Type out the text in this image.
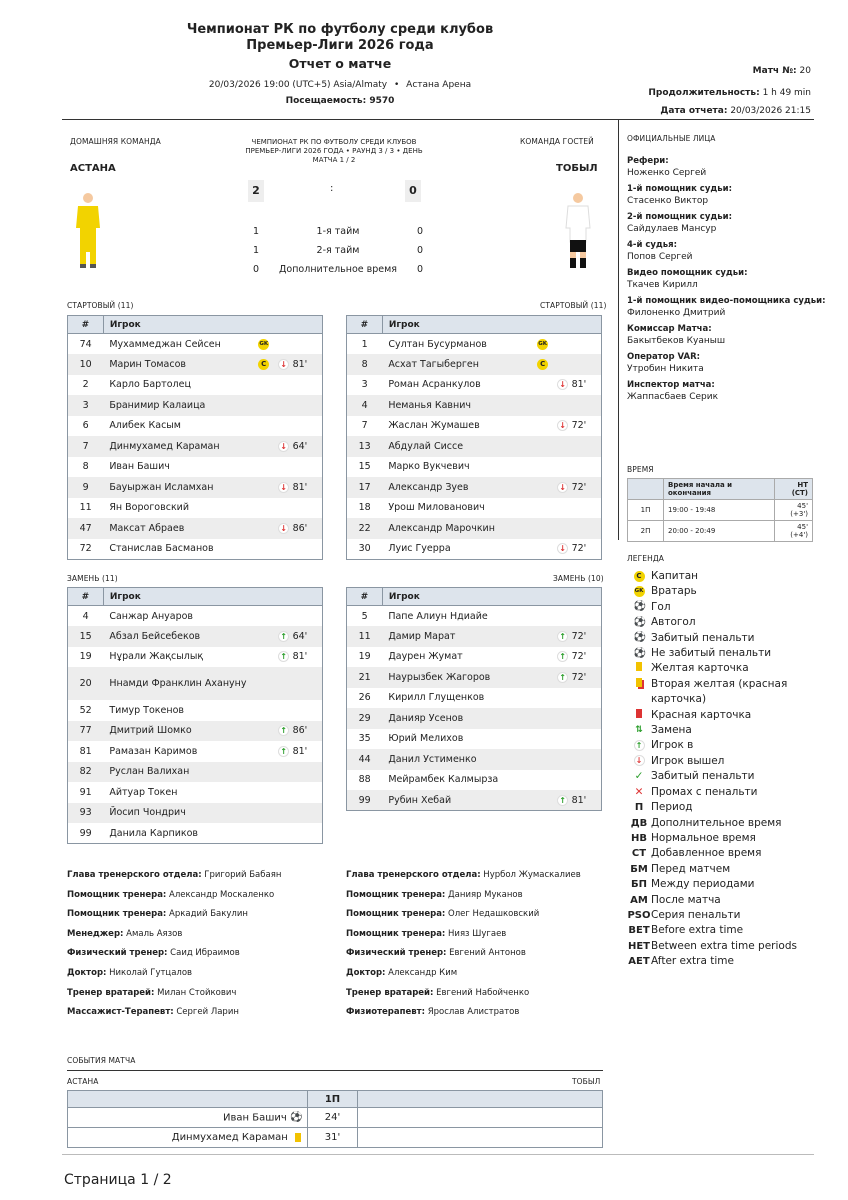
Чемпионат РК по футболу среди клубов
Премьер-Лиги 2026 года
Отчет о матче
20/03/2026 19:00 (UTC+5) Asia/Almaty • Астана Арена
Посещаемость: 9570
Матч №: 20
Продолжительность: 1 h 49 min
Дата отчета: 20/03/2026 21:15
ДОМАШНЯЯ КОМАНДА	КОМАНДА ГОСТЕЙ
ЧЕМПИОНАТ РК ПО ФУТБОЛУ СРЕДИ КЛУБОВ ПРЕМЬЕР-ЛИГИ 2026 ГОДА • РАУНД 3 / 3 • ДЕНЬ МАТЧА 1 / 2
АСТАНА	ТОБЫЛ
2	:	0
1	1-я тайм	0
1	2-я тайм	0
0	Дополнительное время	0
СТАРТОВЫЙ (11)	СТАРТОВЫЙ (11)
#	Игрок			
74	Мухаммеджан Сейсен	GK		
10	Марин Томасов	C	↓	81'
2	Карло Бартолец			
3	Бранимир Калаица			
6	Алибек Касым			
7	Динмухамед Караман		↓	64'
8	Иван Башич			
9	Бауыржан Исламхан		↓	81'
11	Ян Вороговский			
47	Максат Абраев		↓	86'
72	Станислав Басманов			
#	Игрок			
1	Султан Бусурманов	GK		
8	Асхат Тагыберген	C		
3	Роман Асранкулов		↓	81'
4	Неманья Кавнич			
7	Жаслан Жумашев		↓	72'
13	Абдулай Сиссе			
15	Марко Вукчевич			
17	Александр Зуев		↓	72'
18	Урош Милованович			
22	Александр Марочкин			
30	Луис Гуерра		↓	72'
ЗАМЕНЬ (11)	ЗАМЕНЬ (10)
#	Игрок			
4	Санжар Ануаров			
15	Абзал Бейсебеков		↑	64'
19	Нұрали Жақсылық		↑	81'
20	Ннамди Франклин Ахануну			
52	Тимур Токенов			
77	Дмитрий Шомко		↑	86'
81	Рамазан Каримов		↑	81'
82	Руслан Валихан			
91	Айтуар Токен			
93	Йосип Чондрич			
99	Данила Карпиков			
#	Игрок			
5	Папе Алиун Ндиайе			
11	Дамир Марат		↑	72'
19	Даурен Жумат		↑	72'
21	Наурызбек Жагоров		↑	72'
26	Кирилл Глущенков			
29	Данияр Усенов			
35	Юрий Мелихов			
44	Данил Устименко			
88	Мейрамбек Калмырза			
99	Рубин Хебай		↑	81'
Глава тренерского отдела: Григорий Бабаян
Помощник тренера: Александр Москаленко
Помощник тренера: Аркадий Бакулин
Менеджер: Амаль Аязов
Физический тренер: Саид Ибраимов
Доктор: Николай Гутцалов
Тренер вратарей: Милан Стойкович
Массажист-Терапевт: Сергей Ларин
Глава тренерского отдела: Нурбол Жумаскалиев
Помощник тренера: Данияр Муканов
Помощник тренера: Олег Недашковский
Помощник тренера: Нияз Шугаев
Физический тренер: Евгений Антонов
Доктор: Александр Ким
Тренер вратарей: Евгений Набойченко
Физиотерапевт: Ярослав Алистратов
ОФИЦИАЛЬНЫЕ ЛИЦА
Рефери:
Ноженко Сергей
1-й помощник судьи:
Стасенко Виктор
2-й помощник судьи:
Сайдулаев Мансур
4-й судья:
Попов Сергей
Видео помощник судьи:
Ткачев Кирилл
1-й помощник видео-помощника судьи:
Филоненко Дмитрий
Комиссар Матча:
Бакытбеков Куаныш
Оператор VAR:
Утробин Никита
Инспектор матча:
Жаппасбаев Серик
ВРЕМЯ
	Время начала и окончания	HT (CT)
1П	19:00 - 19:48	45' (+3')
2П	20:00 - 20:49	45' (+4')
ЛЕГЕНДА
C Капитан
GK Вратарь
⚽ Гол
⚽ Автогол
⚽ Забитый пенальти
⚽ Не забитый пенальти
Желтая карточка
Вторая желтая (красная карточка)
Красная карточка
⇅ Замена
↑ Игрок в
↓ Игрок вышел
✓ Забитый пенальти
✕ Промах с пенальти
П Период
ДВ Дополнительное время
НВ Нормальное время
СТ Добавленное время
БМ Перед матчем
БП Между периодами
АМ После матча
PSO Серия пенальти
BET Before extra time
НЕТ Between extra time periods
AET After extra time
СОБЫТИЯ МАТЧА
АСТАНА	ТОБЫЛ
	1П	
Иван Башич ⚽	24'	
Динмухамед Караман	31'	
Страница 1 / 2
